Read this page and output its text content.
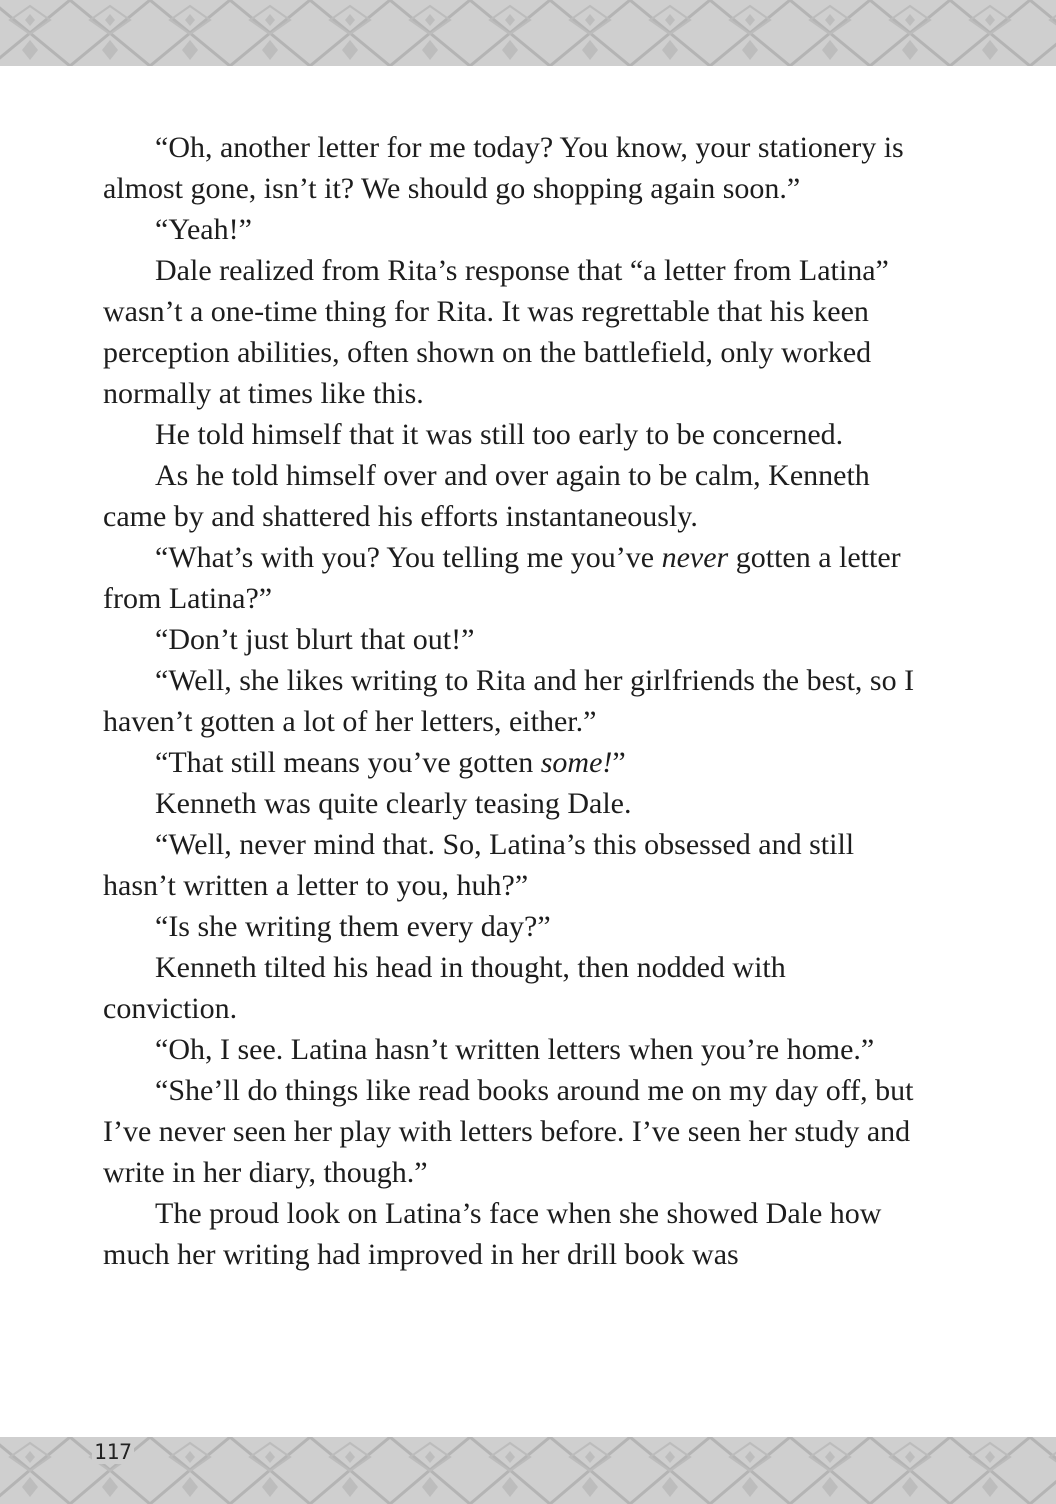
“Oh, another letter for me today? You know, your stationery is almost gone, isn’t it? We should go shopping again soon.”

“Yeah!”

Dale realized from Rita’s response that “a letter from Latina” wasn’t a one-time thing for Rita. It was regrettable that his keen perception abilities, often shown on the battlefield, only worked normally at times like this.

He told himself that it was still too early to be concerned.

As he told himself over and over again to be calm, Kenneth came by and shattered his efforts instantaneously.

“What’s with you? You telling me you’ve never gotten a letter from Latina?”

“Don’t just blurt that out!”

“Well, she likes writing to Rita and her girlfriends the best, so I haven’t gotten a lot of her letters, either.”

“That still means you’ve gotten some!”

Kenneth was quite clearly teasing Dale.

“Well, never mind that. So, Latina’s this obsessed and still hasn’t written a letter to you, huh?”

“Is she writing them every day?”

Kenneth tilted his head in thought, then nodded with conviction.

“Oh, I see. Latina hasn’t written letters when you’re home.”

“She’ll do things like read books around me on my day off, but I’ve never seen her play with letters before. I’ve seen her study and write in her diary, though.”

The proud look on Latina’s face when she showed Dale how much her writing had improved in her drill book was

117
